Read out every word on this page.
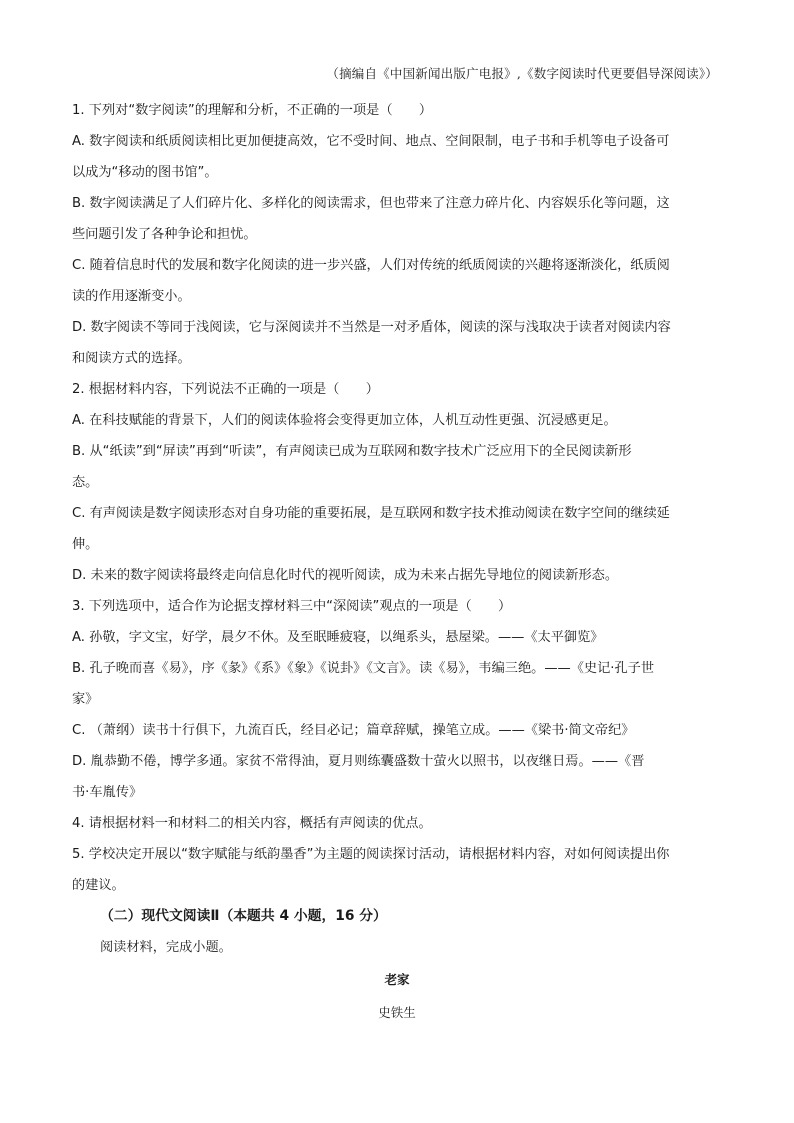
（摘编自《中国新闻出版广电报》,《数字阅读时代更要倡导深阅读》）
1. 下列对“数字阅读”的理解和分析，不正确的一项是（　　）
A. 数字阅读和纸质阅读相比更加便捷高效，它不受时间、地点、空间限制，电子书和手机等电子设备可
以成为“移动的图书馆”。
B. 数字阅读满足了人们碎片化、多样化的阅读需求，但也带来了注意力碎片化、内容娱乐化等问题，这
些问题引发了各种争论和担忧。
C. 随着信息时代的发展和数字化阅读的进一步兴盛，人们对传统的纸质阅读的兴趣将逐渐淡化，纸质阅
读的作用逐渐变小。
D. 数字阅读不等同于浅阅读，它与深阅读并不当然是一对矛盾体，阅读的深与浅取决于读者对阅读内容
和阅读方式的选择。
2. 根据材料内容，下列说法不正确的一项是（　　）
A. 在科技赋能的背景下，人们的阅读体验将会变得更加立体，人机互动性更强、沉浸感更足。
B. 从“纸读”到“屏读”再到“听读”，有声阅读已成为互联网和数字技术广泛应用下的全民阅读新形
态。
C. 有声阅读是数字阅读形态对自身功能的重要拓展，是互联网和数字技术推动阅读在数字空间的继续延
伸。
D. 未来的数字阅读将最终走向信息化时代的视听阅读，成为未来占据先导地位的阅读新形态。
3. 下列选项中，适合作为论据支撑材料三中“深阅读”观点的一项是（　　）
A. 孙敬，字文宝，好学，晨夕不休。及至眠睡疲寝，以绳系头，悬屋梁。——《太平御览》
B. 孔子晚而喜《易》，序《彖》《系》《象》《说卦》《文言》。读《易》，韦编三绝。——《史记·孔子世
家》
C. （萧纲）读书十行俱下，九流百氏，经目必记；篇章辞赋，操笔立成。——《梁书·简文帝纪》
D. 胤恭勤不倦，博学多通。家贫不常得油，夏月则练囊盛数十萤火以照书，以夜继日焉。——《晋
书·车胤传》
4. 请根据材料一和材料二的相关内容，概括有声阅读的优点。
5. 学校决定开展以“数字赋能与纸韵墨香”为主题的阅读探讨活动，请根据材料内容，对如何阅读提出你
的建议。
（二）现代文阅读Ⅱ（本题共 4 小题，16 分）
阅读材料，完成小题。
老家
史铁生
